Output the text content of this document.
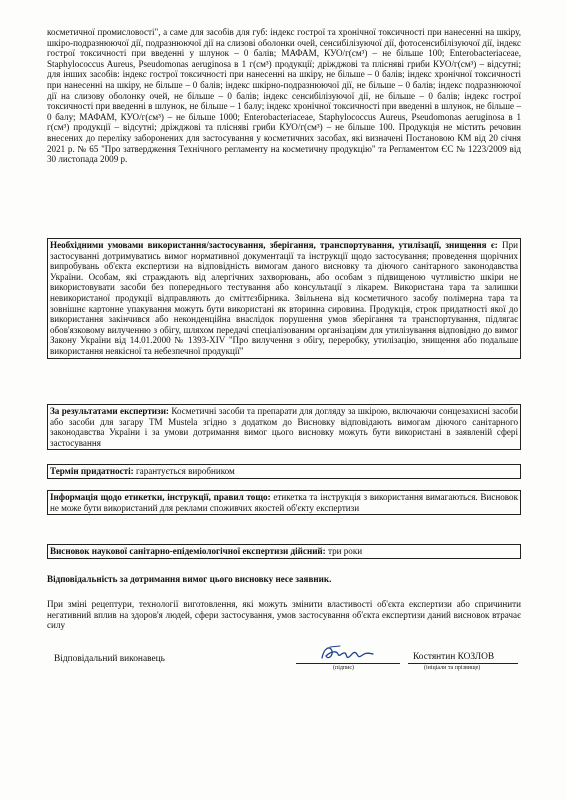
косметичної промисловості", а саме для засобів для губ: індекс гострої та хронічної токсичності при нанесенні на шкіру, шкіро-подразнюючої дії, подразнюючої дії на слизові оболонки очей, сенсибілізуючої дії, фотосенсибілізуючої дії, індекс гострої токсичності при введенні у шлунок – 0 балів; МАФАМ, КУО/г(см³) – не більше 100; Enterobacteriaceae, Staphylococcus Aureus, Pseudomonas aeruginosa в 1 г(см³) продукції; дріжджові та плісняві гриби КУО/г(см³) – відсутні; для інших засобів: індекс гострої токсичності при нанесенні на шкіру, не більше – 0 балів; індекс хронічної токсичності при нанесенні на шкіру, не більше – 0 балів; індекс шкірно-подразнюючої дії, не більше – 0 балів; індекс подразнюючої дії на слизову оболонку очей, не більше – 0 балів; індекс сенсибілізуючої дії, не більше – 0 балів; індекс гострої токсичності при введенні в шлунок, не більше – 1 балу; індекс хронічної токсичності при введенні в шлунок, не більше – 0 балу; МАФАМ, КУО/г(см³) – не більше 1000; Enterobacteriaceae, Staphylococcus Aureus, Pseudomonas aeruginosa в 1 г(см³) продукції – відсутні; дріжджові та плісняві гриби КУО/г(см³) – не більше 100. Продукція не містить речовин внесених до переліку заборонених для застосування у косметичних засобах, які визначені Постановою КМ від 20 січня 2021 р. № 65 "Про затвердження Технічного регламенту на косметичну продукцію" та Регламентом ЄС № 1223/2009 від 30 листопада 2009 р.
Необхідними умовами використання/застосування, зберігання, транспортування, утилізації, знищення є: При застосуванні дотримуватись вимог нормативної документації та інструкції щодо застосування; проведення щорічних випробувань об'єкта експертизи на відповідність вимогам даного висновку та діючого санітарного законодавства України. Особам, які страждають від алергічних захворювань, або особам з підвищеною чутливістю шкіри не використовувати засоби без попереднього тестування або консультації з лікарем. Використана тара та залишки невикористаної продукції відправляють до сміттєзбірника. Звільнена від косметичного засобу полімерна тара та зовнішнє картонне упакування можуть бути використані як вторинна сировина. Продукція, строк придатності якої до використання закінчився або неконденційна внаслідок порушення умов зберігання та транспортування, підлягає обов'язковому вилученню з обігу, шляхом передачі спеціалізованим організаціям для утилізування відповідно до вимог Закону України від 14.01.2000 № 1393-XIV "Про вилучення з обігу, переробку, утилізацію, знищення або подальше використання неякісної та небезпечної продукції"
За результатами експертизи: Косметичні засоби та препарати для догляду за шкірою, включаючи сонцезахисні засоби або засоби для загару ТМ Mustela згідно з додатком до Висновку відповідають вимогам діючого санітарного законодавства України і за умови дотримання вимог цього висновку можуть бути використані в заявленій сфері застосування
Термін придатності: гарантується виробником
Інформація щодо етикетки, інструкції, правил тощо: етикетка та інструкція з використання вимагаються. Висновок не може бути використаний для реклами споживчих якостей об'єкту експертизи
Висновок наукової санітарно-епідеміологічної експертизи дійсний: три роки
Відповідальність за дотримання вимог цього висновку несе заявник.
При зміні рецептури, технології виготовлення, які можуть змінити властивості об'єкта експертизи або спричинити негативний вплив на здоров'я людей, сфери застосування, умов застосування об'єкта експертизи даний висновок втрачає силу
Відповідальний виконавець
(підпис)
Костянтин КОЗЛОВ
(ініціали та прізвище)
